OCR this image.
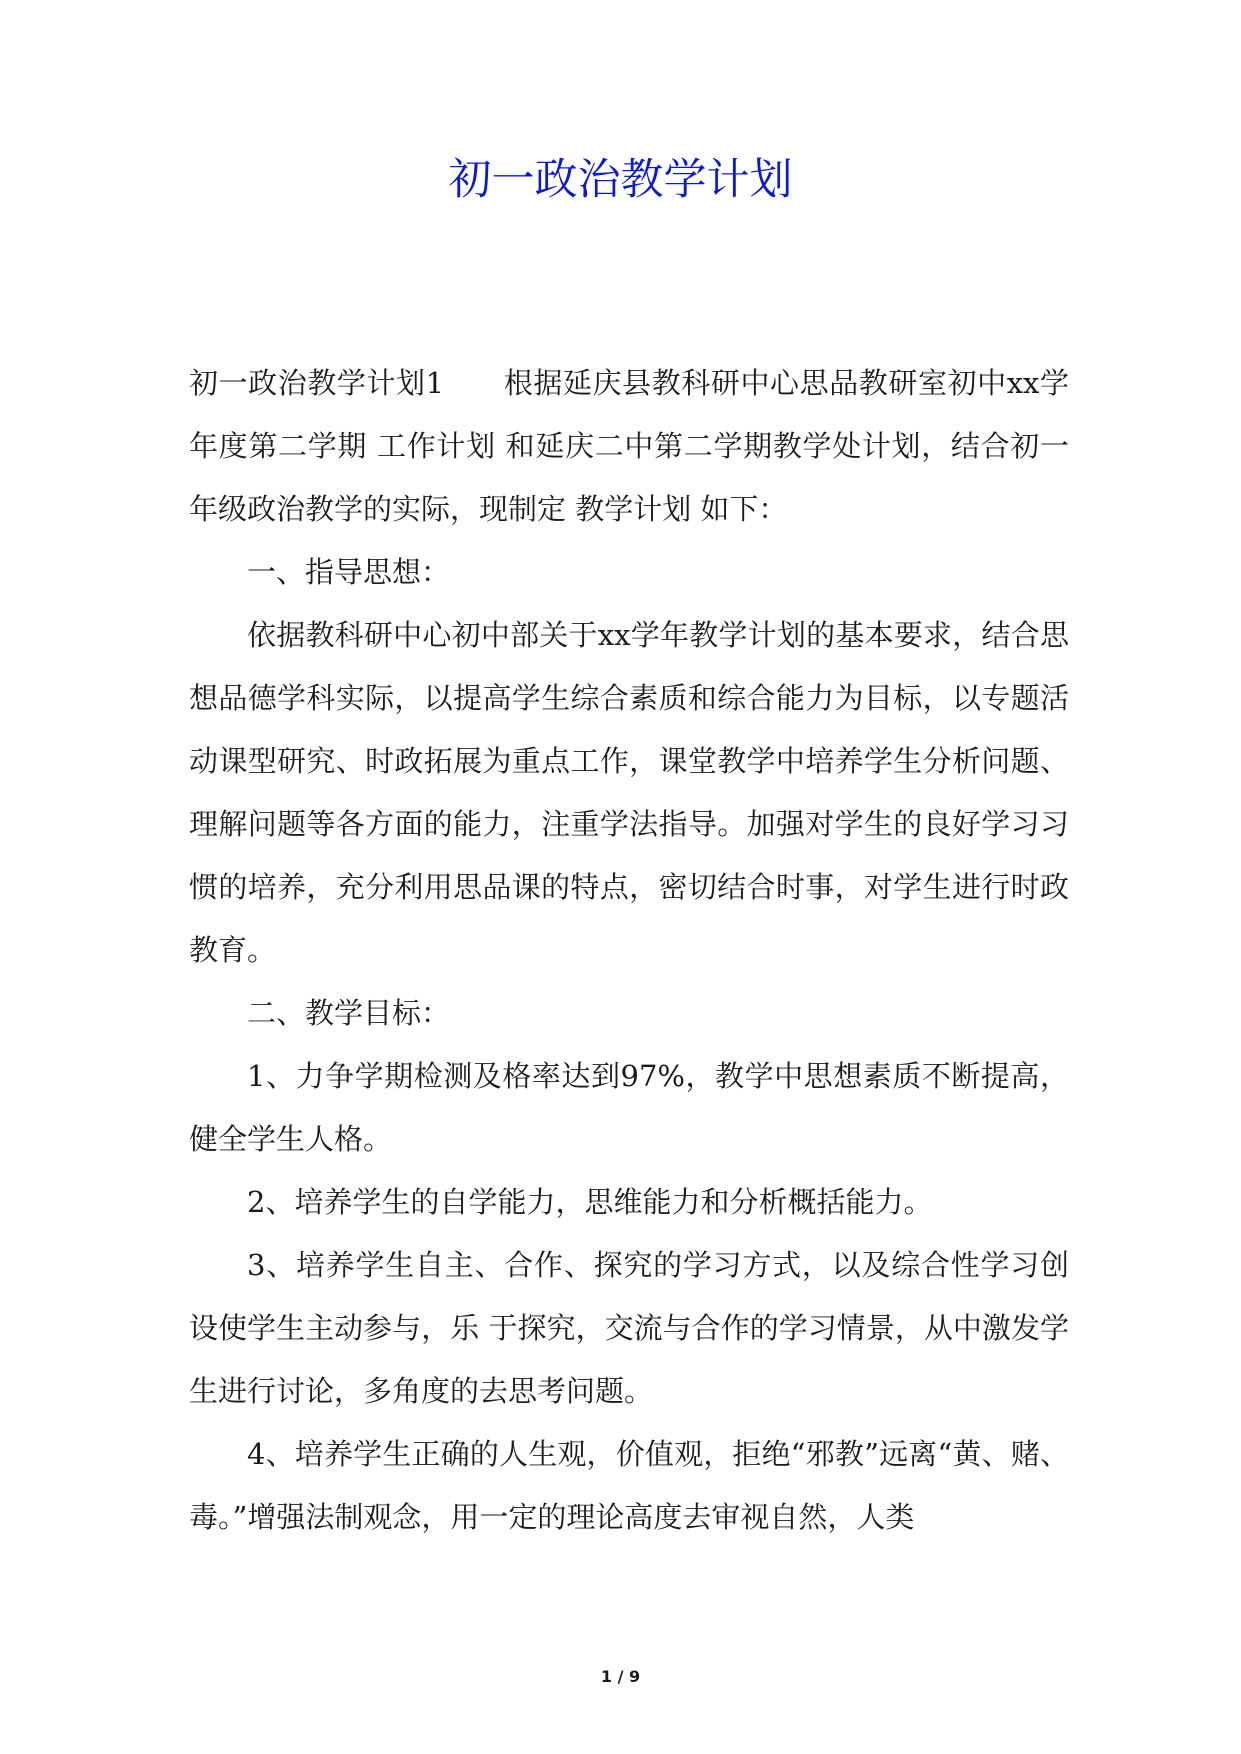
初一政治教学计划

初一政治教学计划1　　根据延庆县教科研中心思品教研室初中xx学年度第二学期 工作计划 和延庆二中第二学期教学处计划，结合初一年级政治教学的实际，现制定 教学计划 如下：

一、指导思想：

依据教科研中心初中部关于xx学年教学计划的基本要求，结合思想品德学科实际，以提高学生综合素质和综合能力为目标，以专题活动课型研究、时政拓展为重点工作，课堂教学中培养学生分析问题、理解问题等各方面的能力，注重学法指导。加强对学生的良好学习习惯的培养，充分利用思品课的特点，密切结合时事，对学生进行时政教育。

二、教学目标：

1、力争学期检测及格率达到97%，教学中思想素质不断提高，健全学生人格。

2、培养学生的自学能力，思维能力和分析概括能力。

3、培养学生自主、合作、探究的学习方式，以及综合性学习创设使学生主动参与，乐 于探究，交流与合作的学习情景，从中激发学生进行讨论，多角度的去思考问题。

4、培养学生正确的人生观，价值观，拒绝“邪教”远离“黄、赌、毒。”增强法制观念，用一定的理论高度去审视自然，人类

1 / 9
